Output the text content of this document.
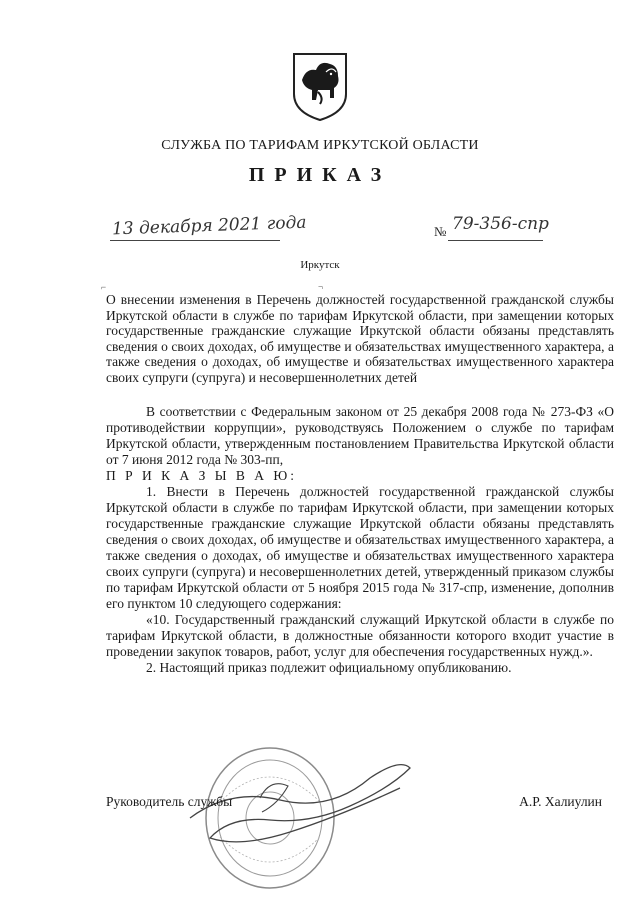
СЛУЖБА ПО ТАРИФАМ ИРКУТСКОЙ ОБЛАСТИ
ПРИКАЗ
13 декабря 2021 года	№ 79-356-спр
Иркутск
⌐	¬
О внесении изменения в Перечень должностей государственной гражданской службы Иркутской области в службе по тарифам Иркутской области, при замещении которых государственные гражданские служащие Иркутской области обязаны представлять сведения о своих доходах, об имуществе и обязательствах имущественного характера, а также сведения о доходах, об имуществе и обязательствах имущественного характера своих супруги (супруга) и несовершеннолетних детей

В соответствии с Федеральным законом от 25 декабря 2008 года № 273-ФЗ «О противодействии коррупции», руководствуясь Положением о службе по тарифам Иркутской области, утвержденным постановлением Правительства Иркутской области от 7 июня 2012 года № 303-пп,

П Р И К А З Ы В А Ю:

1. Внести в Перечень должностей государственной гражданской службы Иркутской области в службе по тарифам Иркутской области, при замещении которых государственные гражданские служащие Иркутской области обязаны представлять сведения о своих доходах, об имуществе и обязательствах имущественного характера, а также сведения о доходах, об имуществе и обязательствах имущественного характера своих супруги (супруга) и несовершеннолетних детей, утвержденный приказом службы по тарифам Иркутской области от 5 ноября 2015 года № 317-спр, изменение, дополнив его пунктом 10 следующего содержания:

«10. Государственный гражданский служащий Иркутской области в службе по тарифам Иркутской области, в должностные обязанности которого входит участие в проведении закупок товаров, работ, услуг для обеспечения государственных нужд.».

2. Настоящий приказ подлежит официальному опубликованию.

Руководитель службы	А.Р. Халиулин
